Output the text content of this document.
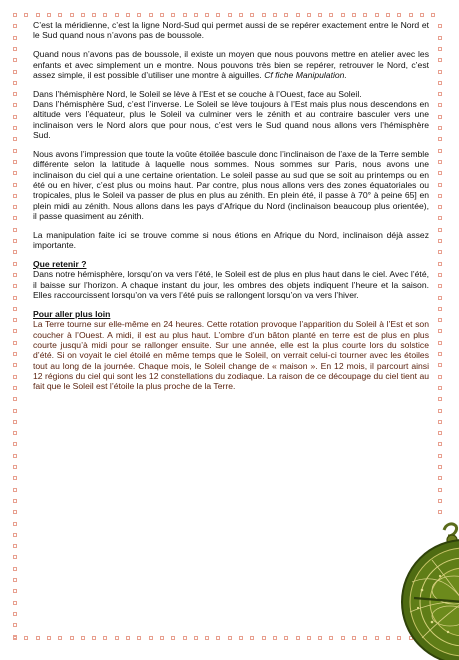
C’est la méridienne, c’est la ligne Nord-Sud qui permet aussi de se repérer exactement entre le Nord et le Sud quand nous n’avons pas de boussole.

Quand nous n’avons pas de boussole, il existe un moyen que nous pouvons mettre en atelier avec les enfants et avec simplement un e montre. Nous pouvons très bien se repérer, retrouver le Nord, c’est assez simple, il est possible d’utiliser une montre à aiguilles. Cf fiche Manipulation.

Dans l’hémisphère Nord, le Soleil se lève à l’Est et se couche à l’Ouest, face au Soleil.

Dans l’hémisphère Sud, c’est l’inverse. Le Soleil se lève toujours à l’Est mais plus nous descendons en altitude vers l’équateur, plus le Soleil va culminer vers le zénith et au contraire basculer vers une inclinaison vers le Nord alors que pour nous, c’est vers le Sud quand nous allons vers l’hémisphère Sud.

Nous avons l’impression que toute la voûte étoilée bascule donc l’inclinaison de l’axe de la Terre semble différente selon la latitude à laquelle nous sommes. Nous sommes sur Paris, nous avons une inclinaison du ciel qui a une certaine orientation. Le soleil passe au sud que se soit au printemps ou en été ou en hiver, c’est plus ou moins haut. Par contre, plus nous allons vers des zones équatoriales ou tropicales, plus le Soleil va passer de plus en plus au zénith. En plein été, il passe à 70° à peine 65] en plein midi au zénith. Nous allons dans les pays d’Afrique du Nord (inclinaison beaucoup plus orientée), il passe quasiment au zénith.

La manipulation faite ici se trouve comme si nous étions en Afrique du Nord, inclinaison déjà assez importante.

Que retenir ?

Dans notre hémisphère, lorsqu’on va vers l’été, le Soleil est de plus en plus haut dans le ciel. Avec l’été, il baisse sur l’horizon. A chaque instant du jour, les ombres des objets indiquent l’heure et la saison. Elles raccourcissent lorsqu’on va vers l’été puis se rallongent lorsqu’on va vers l’hiver.

Pour aller plus loin

La Terre tourne sur elle-même en 24 heures. Cette rotation provoque l’apparition du Soleil à l’Est et son coucher à l’Ouest. A midi, il est au plus haut. L’ombre d’un bâton planté en terre est de plus en plus courte jusqu’à midi pour se rallonger ensuite. Sur une année, elle est la plus courte lors du solstice d’été. Si on voyait le ciel étoilé en même temps que le Soleil, on verrait celui-ci tourner avec les étoiles tout au long de la journée. Chaque mois, le Soleil change de « maison ». En 12 mois, il parcourt ainsi 12 régions du ciel qui sont les 12 constellations du zodiaque. La raison de ce découpage du ciel tient au fait que le Soleil est l’étoile la plus proche de la Terre.
